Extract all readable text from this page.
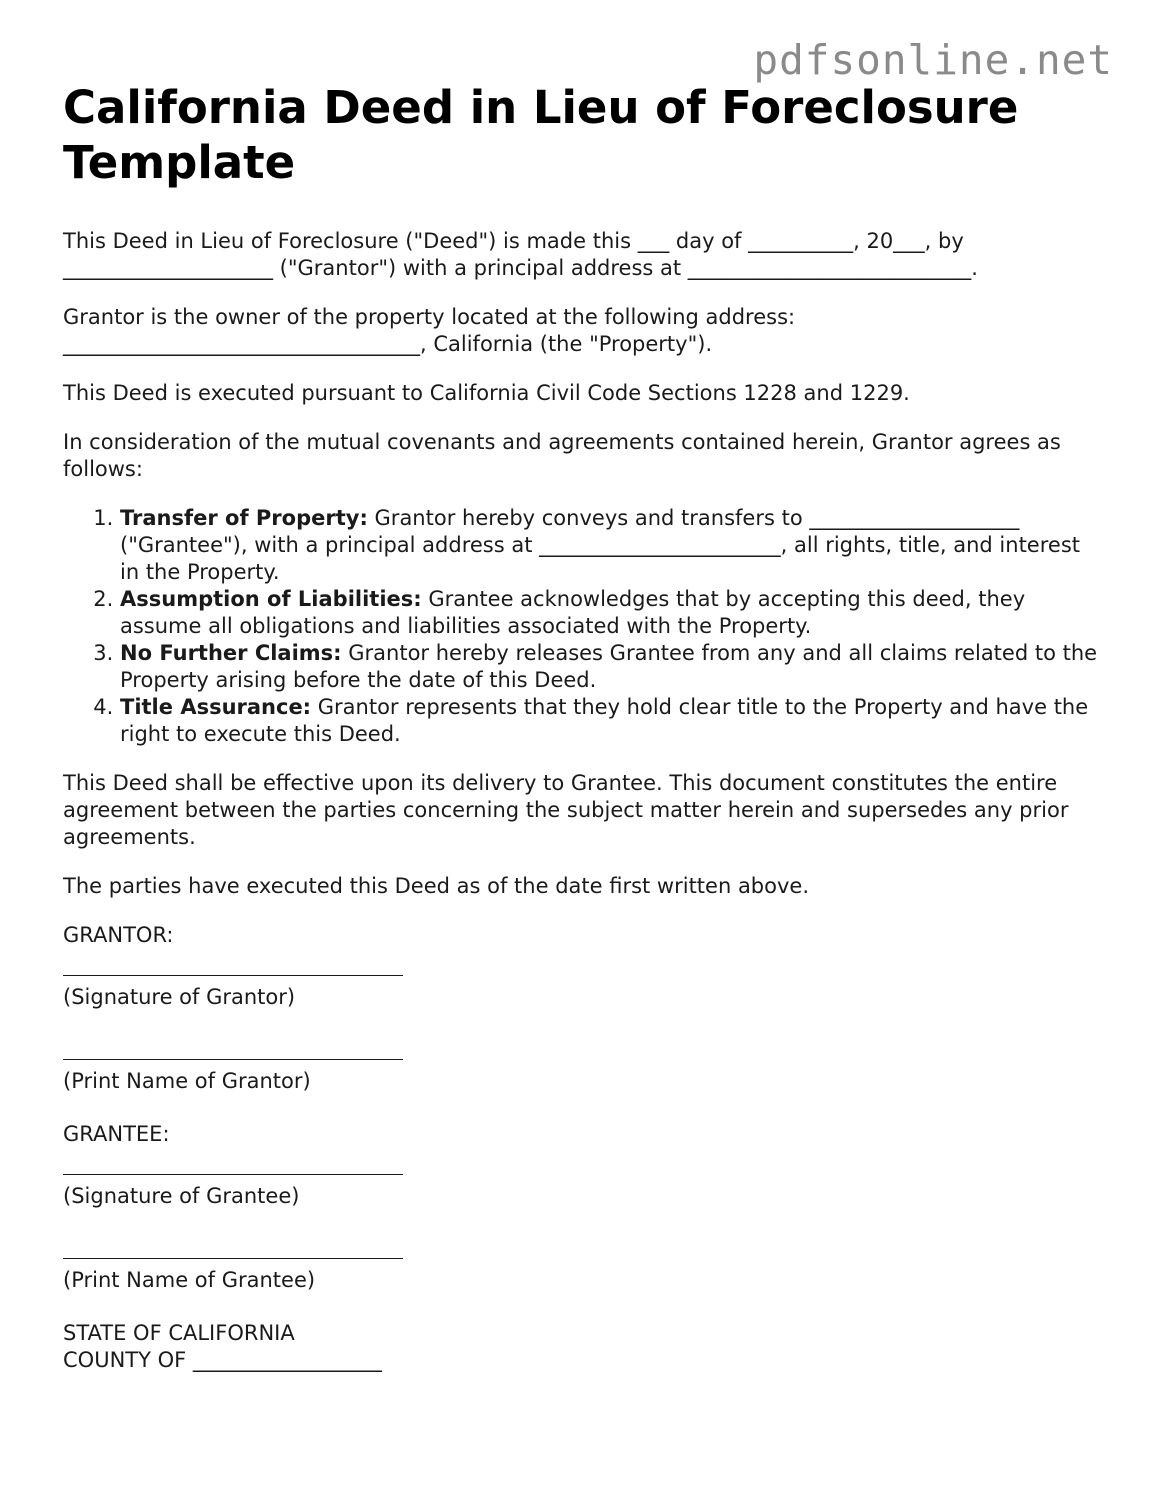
pdfsonline.net
California Deed in Lieu of Foreclosure Template

This Deed in Lieu of Foreclosure ("Deed") is made this ___ day of __________, 20___, by
____________________ ("Grantor") with a principal address at ___________________________.

Grantor is the owner of the property located at the following address:
__________________________________, California (the "Property").

This Deed is executed pursuant to California Civil Code Sections 1228 and 1229.

In consideration of the mutual covenants and agreements contained herein, Grantor agrees as follows:

1. Transfer of Property: Grantor hereby conveys and transfers to ____________________ ("Grantee"), with a principal address at _______________________, all rights, title, and interest in the Property.
2. Assumption of Liabilities: Grantee acknowledges that by accepting this deed, they assume all obligations and liabilities associated with the Property.
3. No Further Claims: Grantor hereby releases Grantee from any and all claims related to the Property arising before the date of this Deed.
4. Title Assurance: Grantor represents that they hold clear title to the Property and have the right to execute this Deed.

This Deed shall be effective upon its delivery to Grantee. This document constitutes the entire agreement between the parties concerning the subject matter herein and supersedes any prior agreements.

The parties have executed this Deed as of the date first written above.

GRANTOR:

(Signature of Grantor)
(Print Name of Grantor)

GRANTEE:

(Signature of Grantee)
(Print Name of Grantee)

STATE OF CALIFORNIA

COUNTY OF __________________
